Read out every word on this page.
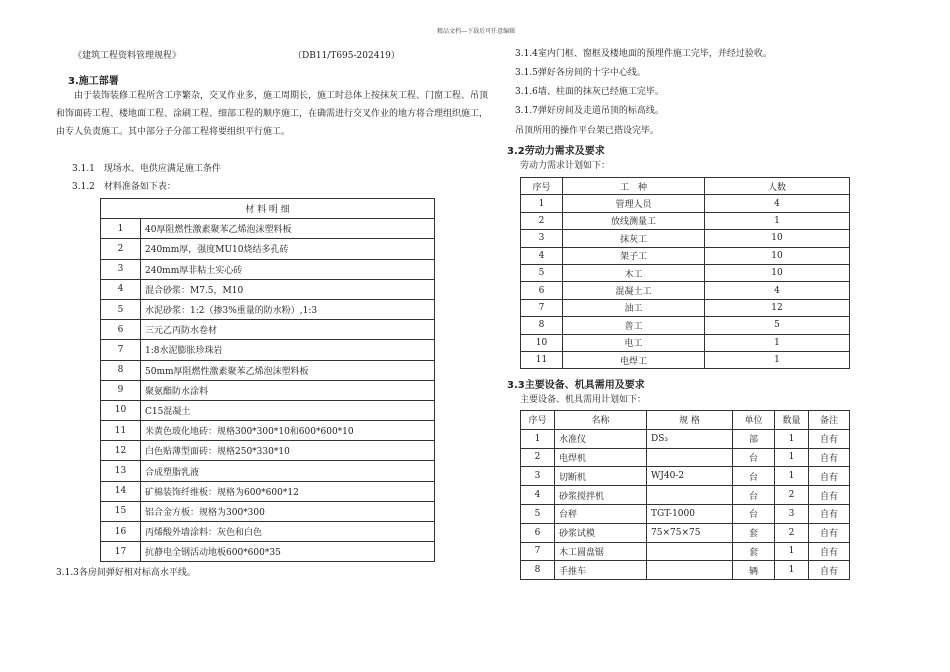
精品文档---下载后可任意编辑
《建筑工程资料管理规程》	（DB11/T695-202419）
3.施工部署
由于装饰装修工程所含工序繁杂，交叉作业多，施工周期长，施工时总体上按抹灰工程、门窗工程、吊顶和饰面砖工程、楼地面工程、涂刷工程、细部工程的顺序施工，在确需进行交叉作业的地方将合理组织施工，由专人负责施工。其中部分子分部工程将要组织平行施工。
3.1.1　现场水、电供应满足施工条件
3.1.2　材料准备如下表：
材 料 明 细	
1	40厚阻燃性激素聚苯乙烯泡沫塑料板
2	240mm厚，强度MU10烧结多孔砖
3	240mm厚非粘土实心砖
4	混合砂浆：M7.5，M10
5	水泥砂浆：1:2（掺3%重量的防水粉）,1:3
6	三元乙丙防水卷材
7	1:8水泥膨胀珍珠岩
8	50mm厚阻燃性激素聚苯乙烯泡沫塑料板
9	聚氨酯防水涂料
10	C15混凝土
11	米黄色玻化地砖：规格300*300*10和600*600*10
12	白色贴薄型面砖：规格250*330*10
13	合成塑脂乳液
14	矿棉装饰纤维板：规格为600*600*12
15	铝合金方板：规格为300*300
16	丙烯酸外墙涂料：灰色和白色
17	抗静电全钢活动地板600*600*35
3.1.3各房间弹好相对标高水平线。
3.1.4室内门框、窗框及楼地面的预埋件施工完毕，并经过验收。
3.1.5弹好各房间的十字中心线。
3.1.6墙、柱面的抹灰已经施工完毕。
3.1.7弹好房间及走道吊顶的标高线。
吊顶所用的操作平台架已搭设完毕。
3.2劳动力需求及要求
劳动力需求计划如下：
序号	工　种	人数
1	管理人员	4
2	放线测量工	1
3	抹灰工	10
4	架子工	10
5	木工	10
6	混凝土工	4
7	油工	12
8	普工	5
10	电工	1
11	电焊工	1
3.3主要设备、机具需用及要求
主要设备、机具需用计划如下：
序号	名称	规 格	单位	数量	备注
1	水准仪	DS₃	部	1	自有
2	电焊机		台	1	自有
3	切断机	WJ40-2	台	1	自有
4	砂浆搅拌机		台	2	自有
5	台秤	TGT-1000	台	3	自有
6	砂浆试模	75×75×75	套	2	自有
7	木工圆盘锯		套	1	自有
8	手推车		辆	1	自有
